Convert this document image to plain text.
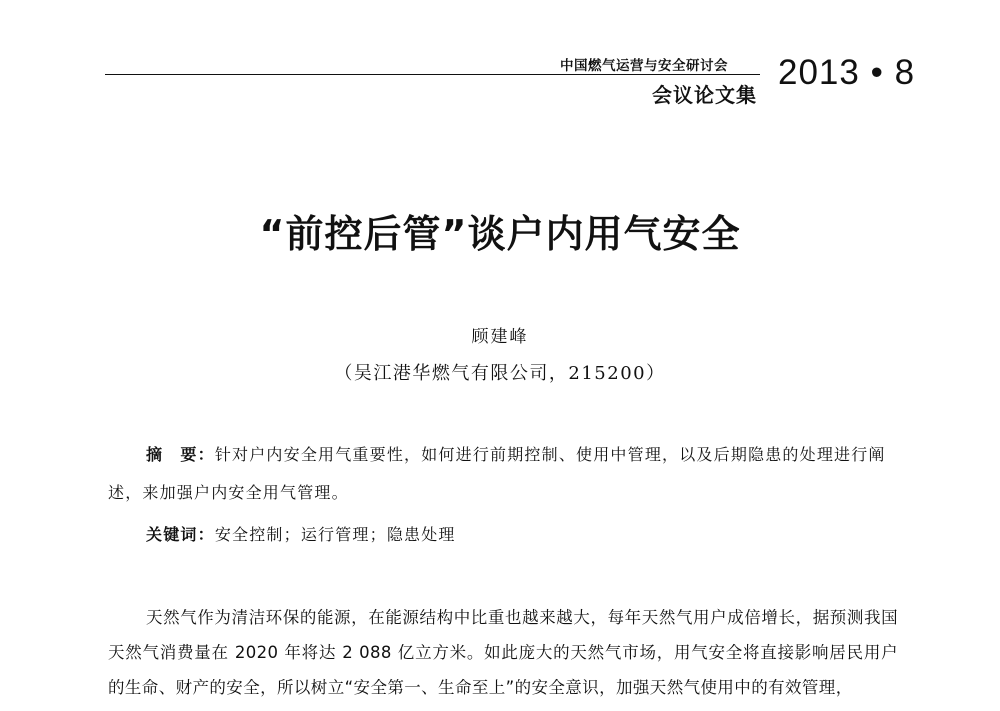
中国燃气运营与安全研讨会
会议论文集
2013 • 8
“前控后管”谈户内用气安全
顾建峰
（吴江港华燃气有限公司，215200）
摘　要：针对户内安全用气重要性，如何进行前期控制、使用中管理，以及后期隐患的处理进行阐述，来加强户内安全用气管理。
关键词：安全控制；运行管理；隐患处理
天然气作为清洁环保的能源，在能源结构中比重也越来越大，每年天然气用户成倍增长，据预测我国天然气消费量在 2020 年将达 2 088 亿立方米。如此庞大的天然气市场，用气安全将直接影响居民用户的生命、财产的安全，所以树立“安全第一、生命至上”的安全意识，加强天然气使用中的有效管理，
